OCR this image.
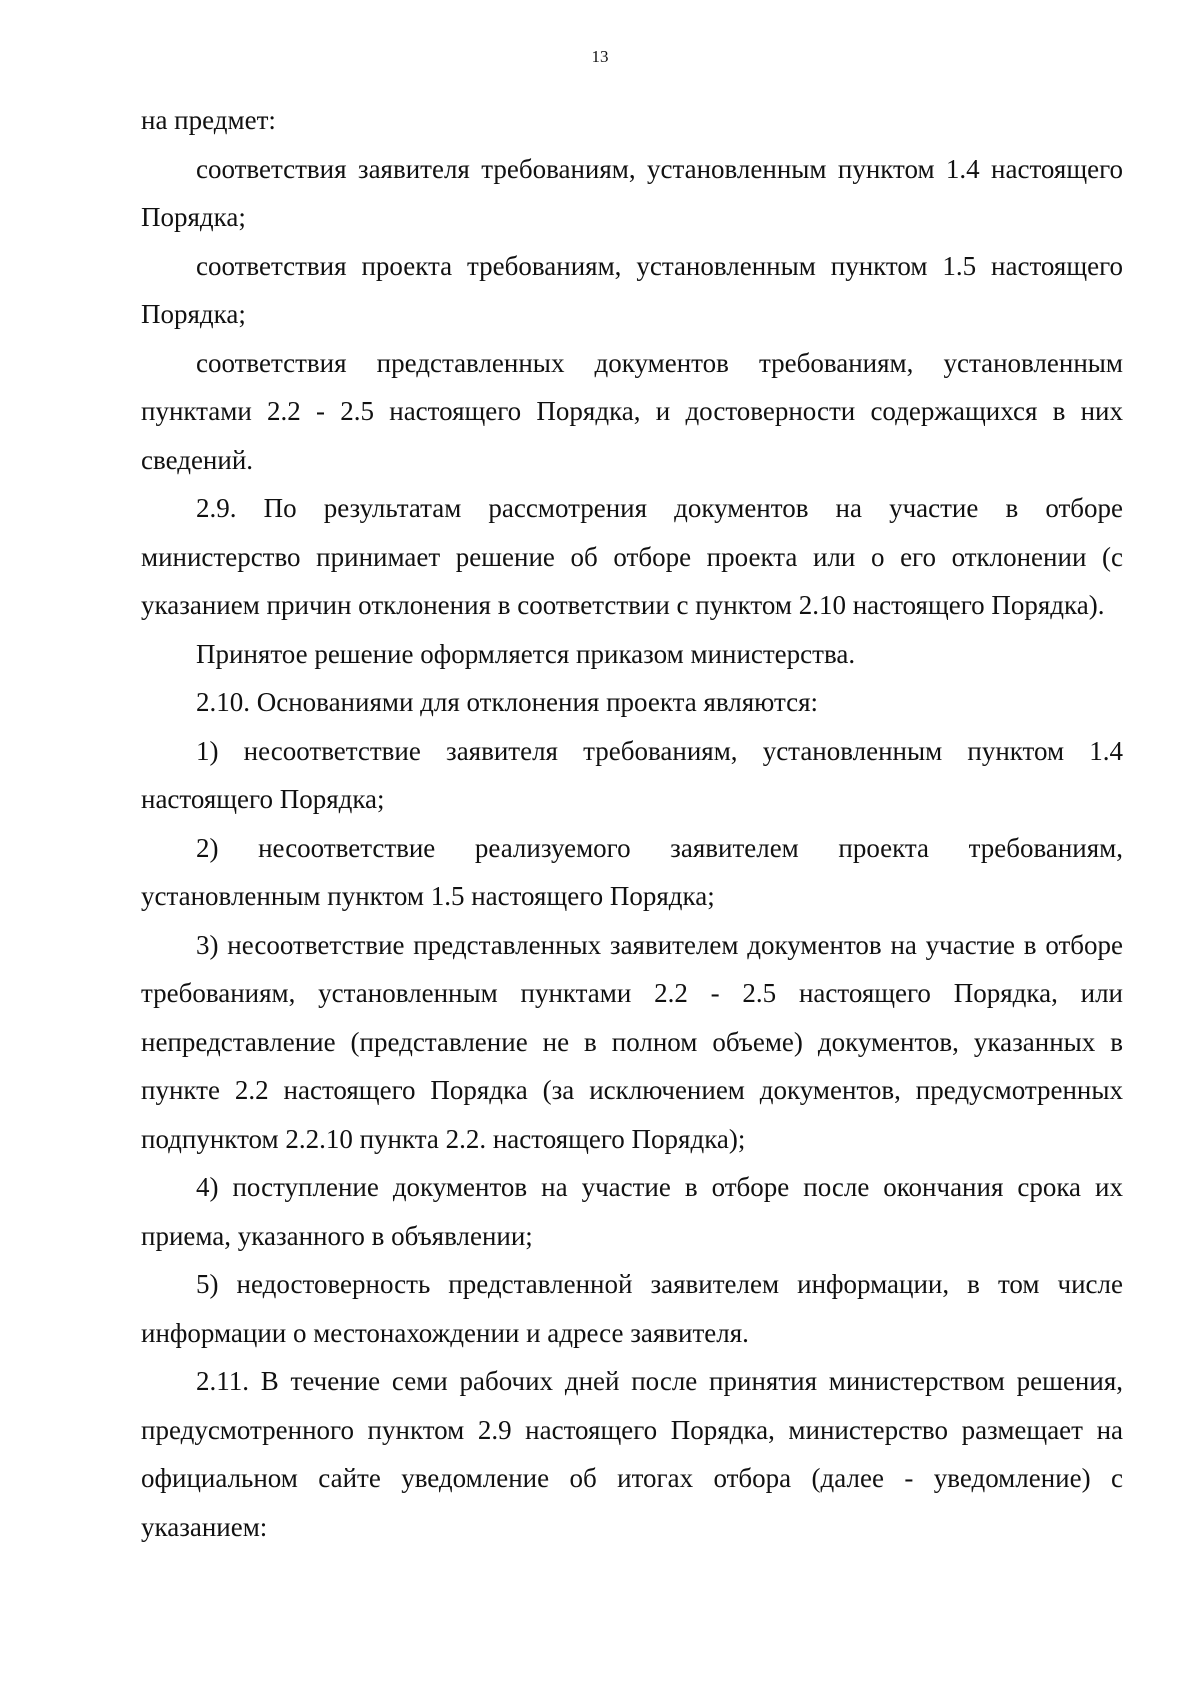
13

на предмет:

соответствия заявителя требованиям, установленным пунктом 1.4 настоящего Порядка;

соответствия проекта требованиям, установленным пунктом 1.5 настоящего Порядка;

соответствия представленных документов требованиям, установленным пунктами 2.2 - 2.5 настоящего Порядка, и достоверности содержащихся в них сведений.

2.9. По результатам рассмотрения документов на участие в отборе министерство принимает решение об отборе проекта или о его отклонении (с указанием причин отклонения в соответствии с пунктом 2.10 настоящего Порядка).

Принятое решение оформляется приказом министерства.

2.10. Основаниями для отклонения проекта являются:

1) несоответствие заявителя требованиям, установленным пунктом 1.4 настоящего Порядка;

2) несоответствие реализуемого заявителем проекта требованиям, установленным пунктом 1.5 настоящего Порядка;

3) несоответствие представленных заявителем документов на участие в отборе требованиям, установленным пунктами 2.2 - 2.5 настоящего Порядка, или непредставление (представление не в полном объеме) документов, указанных в пункте 2.2 настоящего Порядка (за исключением документов, предусмотренных подпунктом 2.2.10 пункта 2.2. настоящего Порядка);

4) поступление документов на участие в отборе после окончания срока их приема, указанного в объявлении;

5) недостоверность представленной заявителем информации, в том числе информации о местонахождении и адресе заявителя.

2.11. В течение семи рабочих дней после принятия министерством решения, предусмотренного пунктом 2.9 настоящего Порядка, министерство размещает на официальном сайте уведомление об итогах отбора (далее - уведомление) с указанием:
